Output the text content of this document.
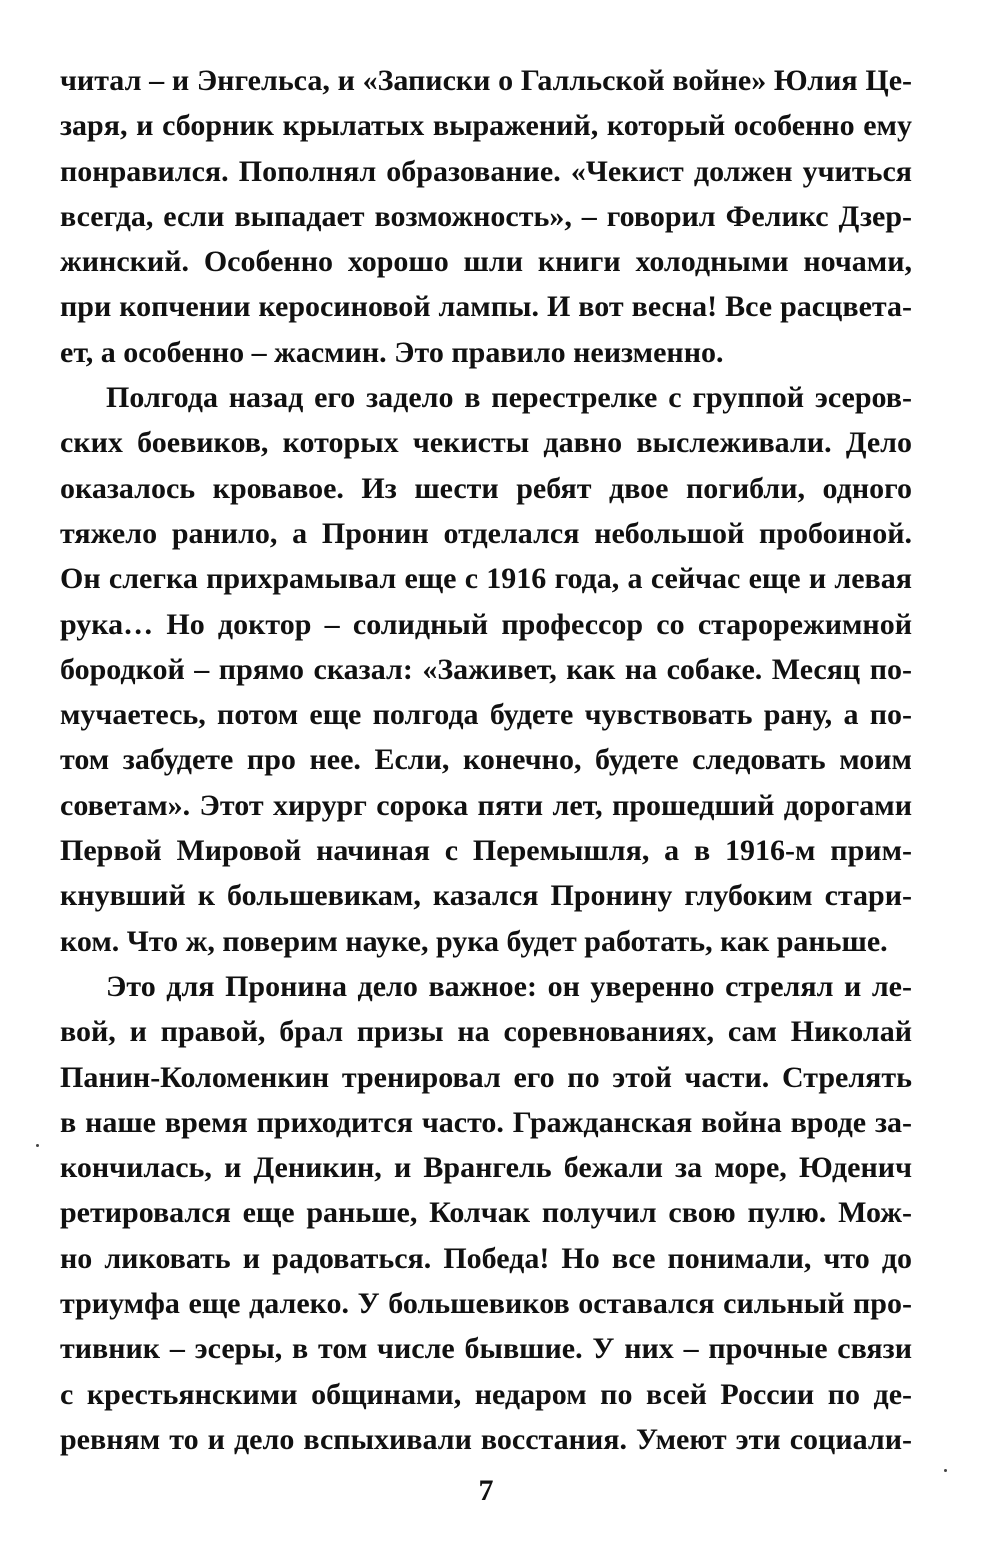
читал – и Энгельса, и «Записки о Галльской войне» Юлия Це-
заря, и сборник крылатых выражений, который особенно ему
понравился. Пополнял образование. «Чекист должен учиться
всегда, если выпадает возможность», – говорил Феликс Дзер-
жинский. Особенно хорошо шли книги холодными ночами,
при копчении керосиновой лампы. И вот весна! Все расцвета-
ет, а особенно – жасмин. Это правило неизменно.
Полгода назад его задело в перестрелке с группой эсеров-
ских боевиков, которых чекисты давно выслеживали. Дело
оказалось кровавое. Из шести ребят двое погибли, одного
тяжело ранило, а Пронин отделался небольшой пробоиной.
Он слегка прихрамывал еще с 1916 года, а сейчас еще и левая
рука… Но доктор – солидный профессор со старорежимной
бородкой – прямо сказал: «Заживет, как на собаке. Месяц по-
мучаетесь, потом еще полгода будете чувствовать рану, а по-
том забудете про нее. Если, конечно, будете следовать моим
советам». Этот хирург сорока пяти лет, прошедший дорогами
Первой Мировой начиная с Перемышля, а в 1916-м прим-
кнувший к большевикам, казался Пронину глубоким стари-
ком. Что ж, поверим науке, рука будет работать, как раньше.
Это для Пронина дело важное: он уверенно стрелял и ле-
вой, и правой, брал призы на соревнованиях, сам Николай
Панин-Коломенкин тренировал его по этой части. Стрелять
в наше время приходится часто. Гражданская война вроде за-
кончилась, и Деникин, и Врангель бежали за море, Юденич
ретировался еще раньше, Колчак получил свою пулю. Мож-
но ликовать и радоваться. Победа! Но все понимали, что до
триумфа еще далеко. У большевиков оставался сильный про-
тивник – эсеры, в том числе бывшие. У них – прочные связи
с крестьянскими общинами, недаром по всей России по де-
ревням то и дело вспыхивали восстания. Умеют эти социали-
7
